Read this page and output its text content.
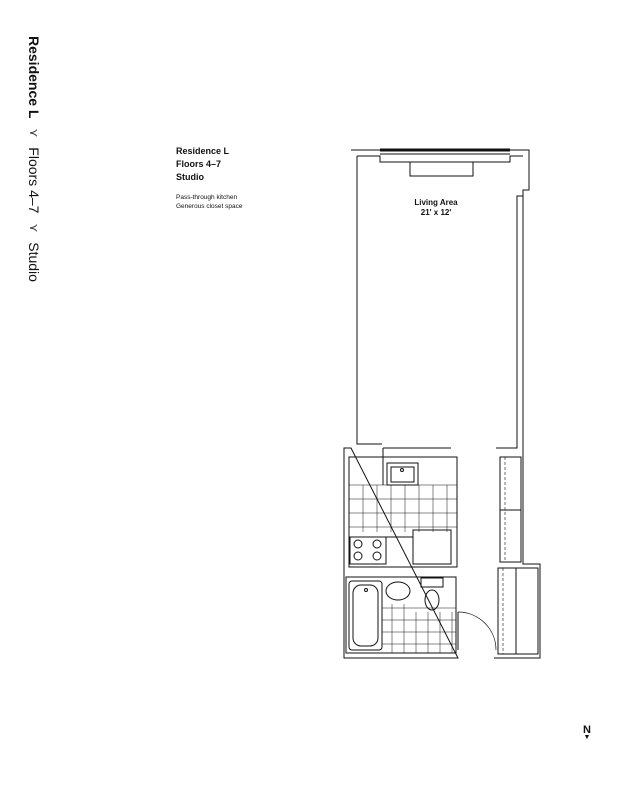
Residence L
⋎
Floors 4–7
⋎
Studio
Residence L
Floors 4–7
Studio
Pass-through kitchen
Generous closet space	Living Area
21' x 12'
N
▼
